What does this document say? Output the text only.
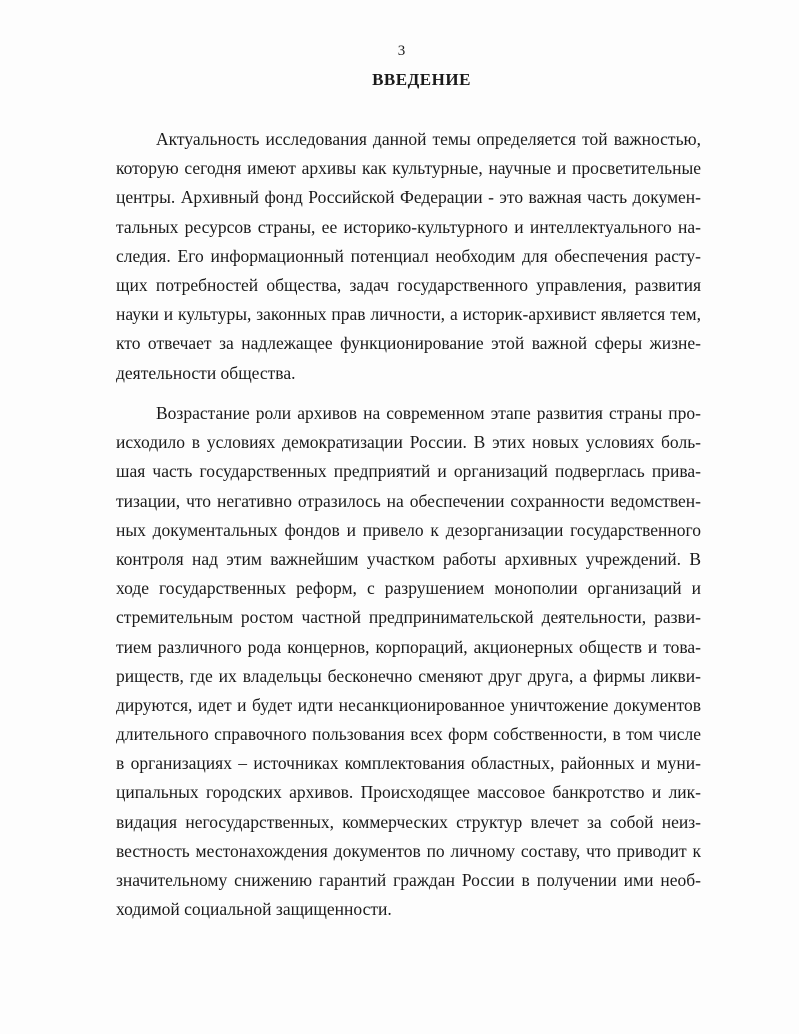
3
ВВЕДЕНИЕ
Актуальность исследования данной темы определяется той важностью,
которую сегодня имеют архивы как культурные, научные и просветительные
центры. Архивный фонд Российской Федерации - это важная часть докумен-
тальных ресурсов страны, ее историко-культурного и интеллектуального на-
следия. Его информационный потенциал необходим для обеспечения расту-
щих потребностей общества, задач государственного управления, развития
науки и культуры, законных прав личности, а историк-архивист является тем,
кто отвечает за надлежащее функционирование этой важной сферы жизне-
деятельности общества.
Возрастание роли архивов на современном этапе развития страны про-
исходило в условиях демократизации России. В этих новых условиях боль-
шая часть государственных предприятий и организаций подверглась прива-
тизации, что негативно отразилось на обеспечении сохранности ведомствен-
ных документальных фондов и привело к дезорганизации государственного
контроля над этим важнейшим участком работы архивных учреждений. В
ходе государственных реформ, с разрушением монополии организаций и
стремительным ростом частной предпринимательской деятельности, разви-
тием различного рода концернов, корпораций, акционерных обществ и това-
риществ, где их владельцы бесконечно сменяют друг друга, а фирмы ликви-
дируются, идет и будет идти несанкционированное уничтожение документов
длительного справочного пользования всех форм собственности, в том числе
в организациях – источниках комплектования областных, районных и муни-
ципальных городских архивов. Происходящее массовое банкротство и лик-
видация негосударственных, коммерческих структур влечет за собой неиз-
вестность местонахождения документов по личному составу, что приводит к
значительному снижению гарантий граждан России в получении ими необ-
ходимой социальной защищенности.
